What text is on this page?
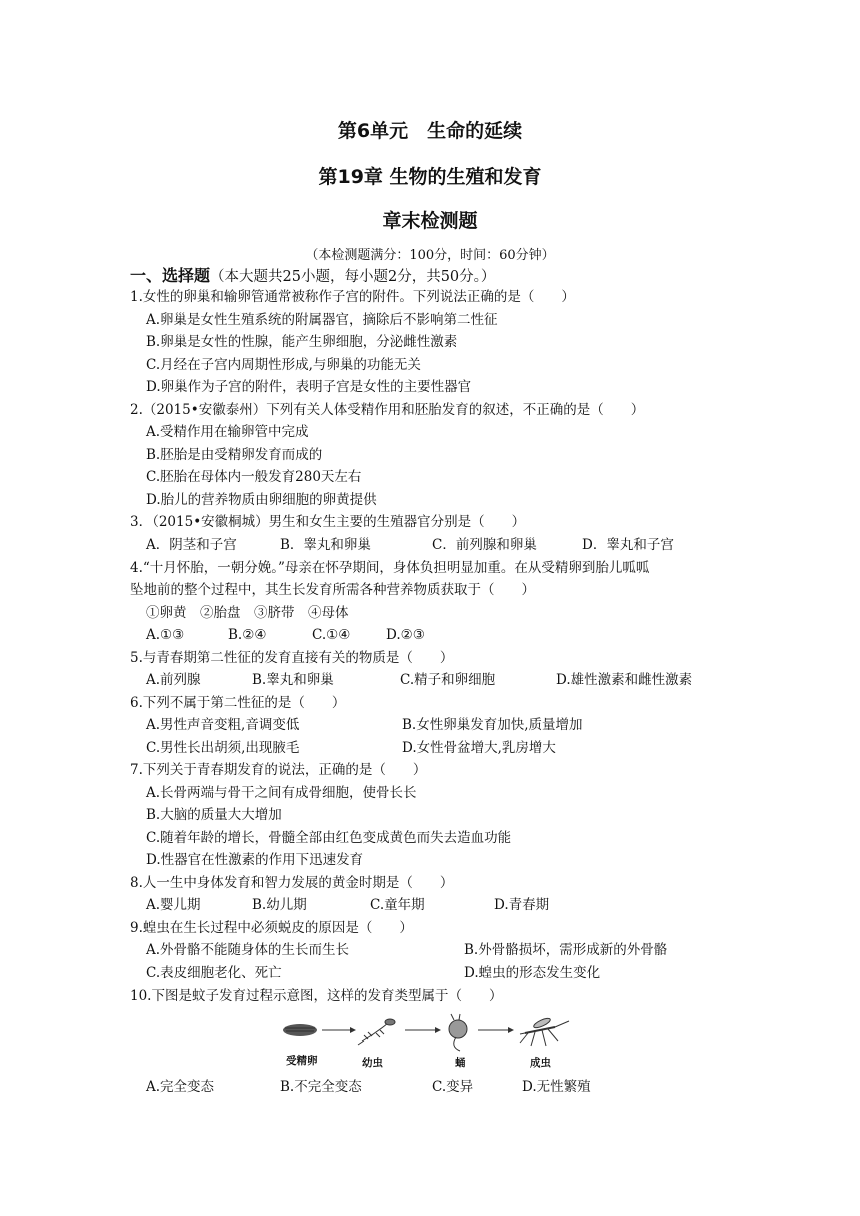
第6单元　生命的延续
第19章 生物的生殖和发育
章末检测题
（本检测题满分：100分，时间：60分钟）
一、选择题（本大题共25小题，每小题2分，共50分。）
1.女性的卵巢和输卵管通常被称作子宫的附件。下列说法正确的是（　　）
A.卵巢是女性生殖系统的附属器官，摘除后不影响第二性征
B.卵巢是女性的性腺，能产生卵细胞，分泌雌性激素
C.月经在子宫内周期性形成,与卵巢的功能无关
D.卵巢作为子宫的附件，表明子宫是女性的主要性器官
2.（2015•安徽泰州）下列有关人体受精作用和胚胎发育的叙述，不正确的是（　　）
A.受精作用在输卵管中完成
B.胚胎是由受精卵发育而成的
C.胚胎在母体内一般发育280天左右
D.胎儿的营养物质由卵细胞的卵黄提供
3．（2015•安徽桐城）男生和女生主要的生殖器官分别是（　　）
A．阴茎和子宫	B．睾丸和卵巢	C．前列腺和卵巢	D．睾丸和子宫
4.“十月怀胎，一朝分娩。”母亲在怀孕期间，身体负担明显加重。在从受精卵到胎儿呱呱
坠地前的整个过程中，其生长发育所需各种营养物质获取于（　　）
①卵黄　②胎盘　③脐带　④母体
A.①③	B.②④	C.①④	D.②③
5.与青春期第二性征的发育直接有关的物质是（　　）
A.前列腺	B.睾丸和卵巢	C.精子和卵细胞	D.雄性激素和雌性激素
6.下列不属于第二性征的是（　　）
A.男性声音变粗,音调变低	B.女性卵巢发育加快,质量增加
C.男性长出胡须,出现腋毛	D.女性骨盆增大,乳房增大
7.下列关于青春期发育的说法，正确的是（　　）
A.长骨两端与骨干之间有成骨细胞，使骨长长
B.大脑的质量大大增加
C.随着年龄的增长，骨髓全部由红色变成黄色而失去造血功能
D.性器官在性激素的作用下迅速发育
8.人一生中身体发育和智力发展的黄金时期是（　　）
A.婴儿期	B.幼儿期	C.童年期	D.青春期
9.蝗虫在生长过程中必须蜕皮的原因是（　　）
A.外骨骼不能随身体的生长而生长	B.外骨骼损坏，需形成新的外骨骼
C.表皮细胞老化、死亡	D.蝗虫的形态发生变化
10.下图是蚊子发育过程示意图，这样的发育类型属于（　　）
受精卵	幼虫	蛹	成虫
A.完全变态	B.不完全变态	C.变异	D.无性繁殖
